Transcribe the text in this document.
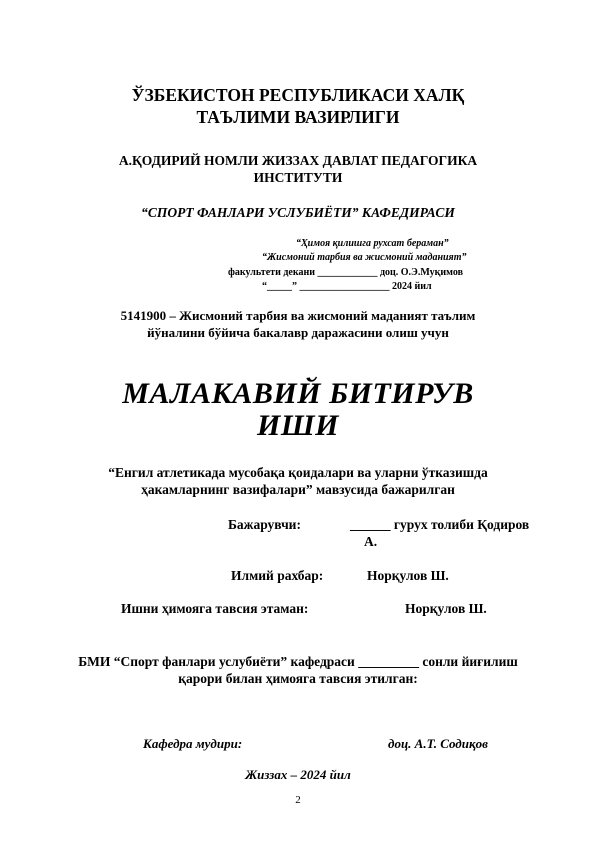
ЎЗБЕКИСТОН РЕСПУБЛИКАСИ ХАЛҚ
ТАЪЛИМИ ВАЗИРЛИГИ
А.ҚОДИРИЙ НОМЛИ ЖИЗЗАХ ДАВЛАТ ПЕДАГОГИКА
ИНСТИТУТИ
“СПОРТ ФАНЛАРИ УСЛУБИЁТИ” КАФЕДИРАСИ
“Ҳимоя қилишга рухсат бераман”
“Жисмоний тарбия ва жисмоний маданият”
факультети декани ____________ доц. О.Э.Муқимов
“_____” __________________ 2024 йил
5141900 – Жисмоний тарбия ва жисмоний маданият таълим
йўналини бўйича бакалавр даражасини олиш учун
МАЛАКАВИЙ БИТИРУВ
ИШИ
“Енгил атлетикада мусобақа қоидалари ва уларни ўтказишда
ҳакамларнинг вазифалари” мавзусида бажарилган
Бажарувчи:	______ гурух толиби Қодиров
А.
Илмий рахбар:	Норқулов Ш.
Ишни ҳимояга тавсия этаман:	Норқулов Ш.
БМИ “Спорт фанлари услубиёти” кафедраси _________ сонли йиғилиш
қарори билан ҳимояга тавсия этилган:
Кафедра мудири:	доц. А.Т. Содиқов
Жиззах – 2024 йил
2
